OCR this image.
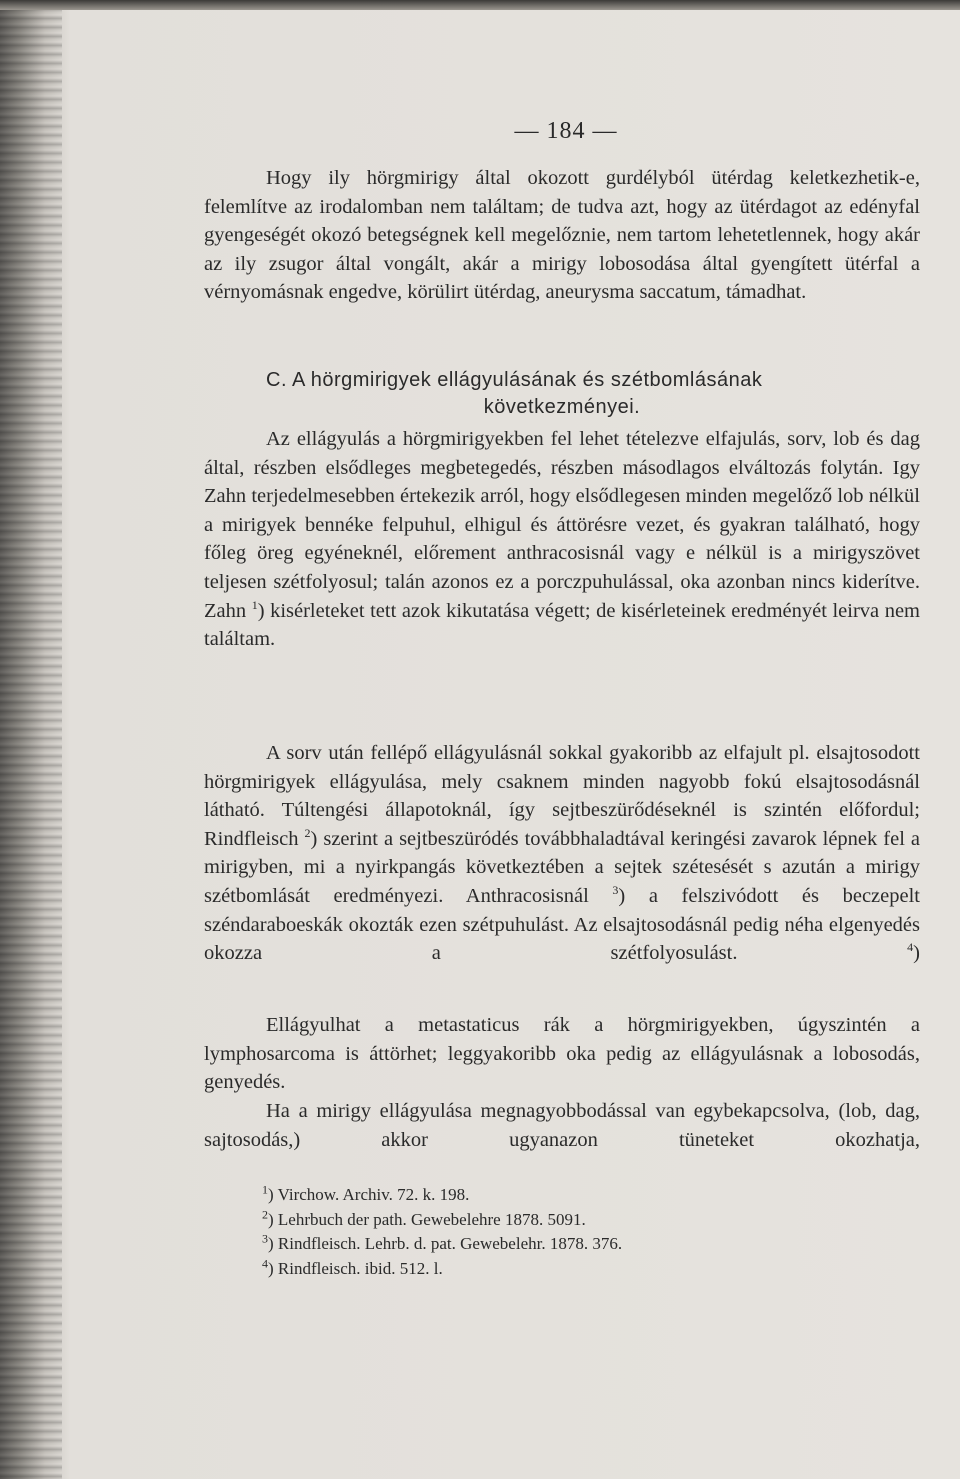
— 184 —
Hogy ily hörgmirigy által okozott gurdélyból ütérdag keletkezhetik-e, felemlítve az irodalomban nem találtam; de tudva azt, hogy az ütérdagot az edényfal gyengeségét okozó betegségnek kell megelőznie, nem tartom lehetetlennek, hogy akár az ily zsugor által vongált, akár a mirigy lobosodása által gyengített ütérfal a vérnyomásnak engedve, körülirt ütérdag, aneurysma saccatum, támadhat.
C. A hörgmirigyek ellágyulásának és szétbomlásának
következményei.
Az ellágyulás a hörgmirigyekben fel lehet tételezve elfajulás, sorv, lob és dag által, részben elsődleges megbetegedés, részben másodlagos elváltozás folytán. Igy Zahn terjedelmesebben értekezik arról, hogy elsődlegesen minden megelőző lob nélkül a mirigyek bennéke felpuhul, elhigul és áttörésre vezet, és gyakran található, hogy főleg öreg egyéneknél, előrement anthracosisnál vagy e nélkül is a mirigyszövet teljesen szétfolyosul; talán azonos ez a porczpuhulással, oka azonban nincs kiderítve. Zahn $^1$) kisérleteket tett azok kikutatása végett; de kisérleteinek eredményét leirva nem találtam.
A sorv után fellépő ellágyulásnál sokkal gyakoribb az elfajult pl. elsajtosodott hörgmirigyek ellágyulása, mely csaknem minden nagyobb fokú elsajtosodásnál látható. Túltengési állapotoknál, így sejtbeszürődéseknél is szintén előfordul; Rindfleisch $^2$) szerint a sejtbeszüródés továbbhaladtával keringési zavarok lépnek fel a mirigyben, mi a nyirkpangás következtében a sejtek szétesését s azután a mirigy szétbomlását eredményezi. Anthracosisnál $^3$) a felszivódott és beczepelt széndaraboeskák okozták ezen szétpuhulást. Az elsajtosodásnál pedig néha elgenyedés okozza a szétfolyosulást.	$^4$)
Ellágyulhat a metastaticus rák a hörgmirigyekben, úgyszintén a lymphosarcoma is áttörhet; leggyakoribb oka pedig az ellágyulásnak a lobosodás, genyedés.
Ha a mirigy ellágyulása megnagyobbodással van egybekapcsolva, (lob, dag, sajtosodás,) akkor ugyanazon tüneteket okozhatja,
$^1$) Virchow. Archiv. 72. k. 198.
$^2$) Lehrbuch der path. Gewebelehre 1878. 5091.
$^3$) Rindfleisch. Lehrb. d. pat. Gewebelehr. 1878. 376.
$^4$) Rindfleisch. ibid. 512. l.
